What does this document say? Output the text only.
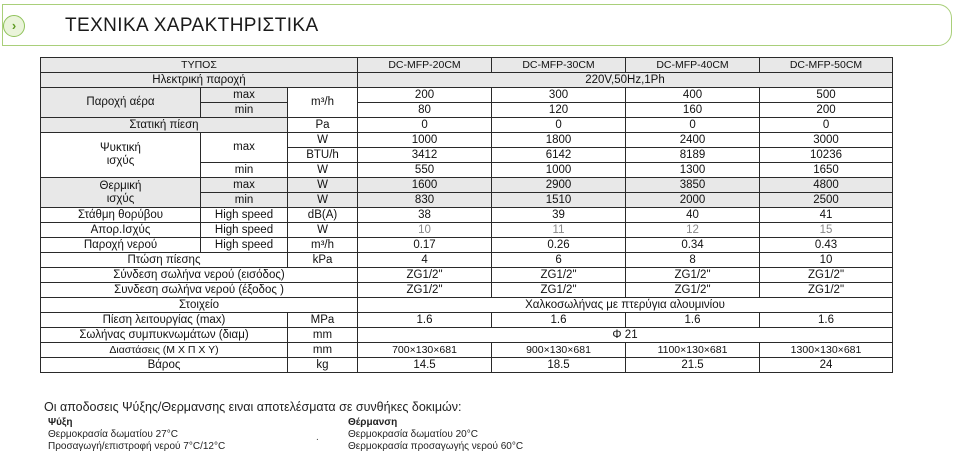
›	ΤΕΧΝΙΚΑ ΧΑΡΑΚΤΗΡΙΣΤΙΚΑ
ΤΥΠΟΣ			DC-MFP-20CM	DC-MFP-30CM	DC-MFP-40CM	DC-MFP-50CM
Ηλεκτρική παροχή			220V,50Hz,1Ph			
Παροχή αέρα	max	m³/h	200	300	400	500
	min		80	120	160	200
Στατική πίεση		Pa	0	0	0	0

Ψυκτική
ισχύς	max	W	1000	1800	2400	3000
		BTU/h	3412	6142	8189	10236
	min	W	550	1000	1300	1650

Θερμική
ισχύς	max	W	1600	2900	3850	4800
	min	W	830	1510	2000	2500
Στάθμη θορύβου	High speed	dB(A)	38	39	40	41
Απορ.Ισχύς	High speed	W	10	11	12	15
Παροχή νερού	High speed	m³/h	0.17	0.26	0.34	0.43
Πτώση πίεσης		kPa	4	6	8	10
Σύνδεση σωλήνα νερού (εισόδος)			ZG1/2"	ZG1/2"	ZG1/2"	ZG1/2"
Συνδεση σωλήνα νερού (έξοδος )			ZG1/2"	ZG1/2"	ZG1/2"	ZG1/2"
Στοιχείο			Χαλκοσωλήνας με πτερύγια αλουμινίου			
Πίεση λειτουργίας (max)		MPa	1.6	1.6	1.6	1.6
Σωλήνας συμπυκνωμάτων (διαμ)		mm	Φ 21			
Διαστάσεις (Μ Χ Π Χ Υ)		mm	700×130×681	900×130×681	1100×130×681	1300×130×681
Βάρος		kg	14.5	18.5	21.5	24
Οι αποδοσεις Ψύξης/Θερμανσης ειναι αποτελέσματα σε συνθήκες δοκιμών:
Ψύξη
Θερμοκρασία δωματίου 27°C
Προσαγωγή/επιστροφή νερού 7°C/12°C
.
Θέρμανση
Θερμοκρασία δωματίου 20°C
Θερμοκρασία προσαγωγής νερού 60°C
